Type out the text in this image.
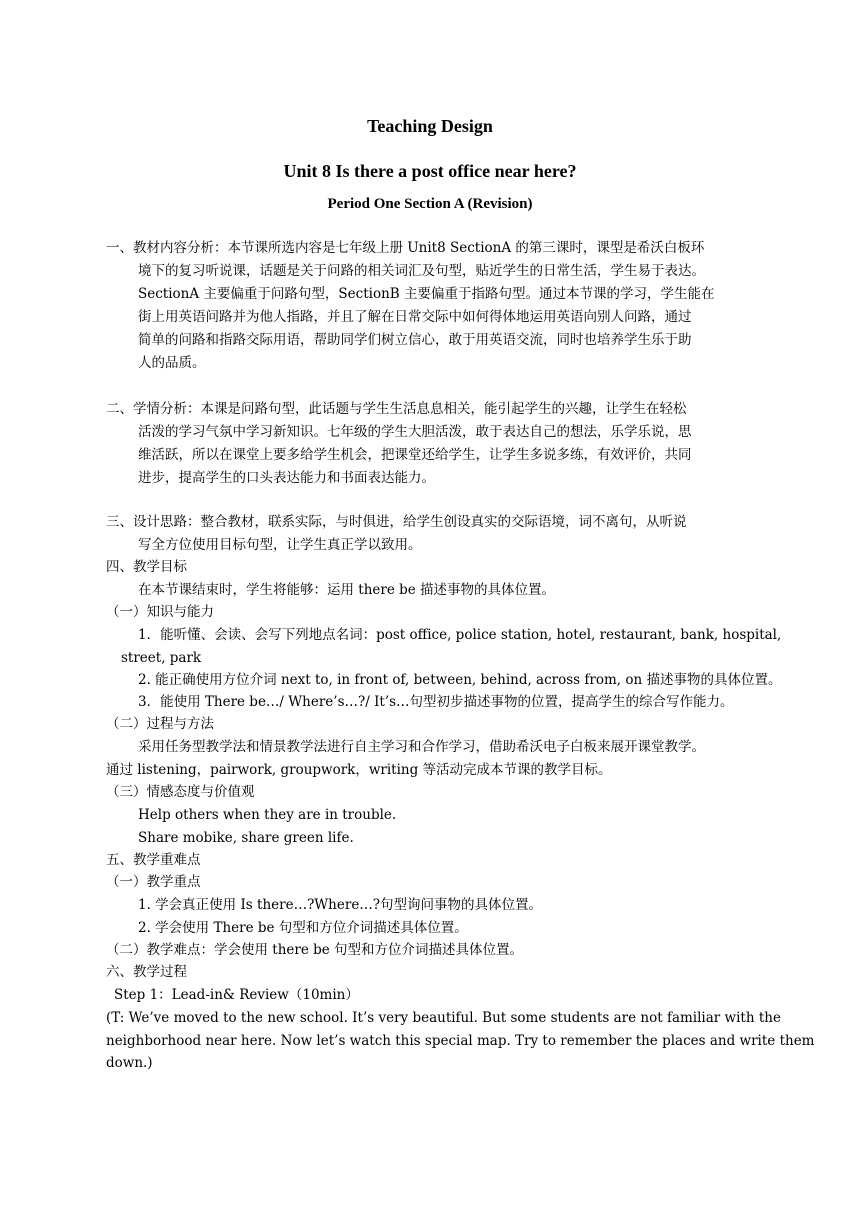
Teaching Design
Unit 8 Is there a post office near here?
Period One Section A (Revision)
一、教材内容分析：本节课所选内容是七年级上册 Unit8 SectionA 的第三课时，课型是希沃白板环
境下的复习听说课，话题是关于问路的相关词汇及句型，贴近学生的日常生活，学生易于表达。
SectionA 主要偏重于问路句型，SectionB 主要偏重于指路句型。通过本节课的学习，学生能在
街上用英语问路并为他人指路，并且了解在日常交际中如何得体地运用英语向别人问路，通过
简单的问路和指路交际用语，帮助同学们树立信心，敢于用英语交流，同时也培养学生乐于助
人的品质。
二、学情分析：本课是问路句型，此话题与学生生活息息相关，能引起学生的兴趣，让学生在轻松
活泼的学习气氛中学习新知识。七年级的学生大胆活泼，敢于表达自己的想法，乐学乐说，思
维活跃，所以在课堂上要多给学生机会，把课堂还给学生，让学生多说多练，有效评价，共同
进步，提高学生的口头表达能力和书面表达能力。
三、设计思路：整合教材，联系实际，与时俱进，给学生创设真实的交际语境，词不离句，从听说
写全方位使用目标句型，让学生真正学以致用。
四、教学目标
在本节课结束时，学生将能够：运用 there be 描述事物的具体位置。
（一）知识与能力
1．能听懂、会读、会写下列地点名词：post office, police station, hotel, restaurant, bank, hospital,
street, park
2. 能正确使用方位介词 next to, in front of, between, behind, across from, on 描述事物的具体位置。
3．能使用 There be…/ Where’s…?/ It’s…句型初步描述事物的位置，提高学生的综合写作能力。
（二）过程与方法
采用任务型教学法和情景教学法进行自主学习和合作学习，借助希沃电子白板来展开课堂教学。
通过 listening，pairwork, groupwork，writing 等活动完成本节课的教学目标。
（三）情感态度与价值观
Help others when they are in trouble.
Share mobike, share green life.
五、教学重难点
（一）教学重点
1. 学会真正使用 Is there…?Where…?句型询问事物的具体位置。
2. 学会使用 There be 句型和方位介词描述具体位置。
（二）教学难点：学会使用 there be 句型和方位介词描述具体位置。
六、教学过程
Step 1：Lead-in& Review（10min）
(T: We’ve moved to the new school. It’s very beautiful. But some students are not familiar with the
neighborhood near here. Now let’s watch this special map. Try to remember the places and write them
down.)
